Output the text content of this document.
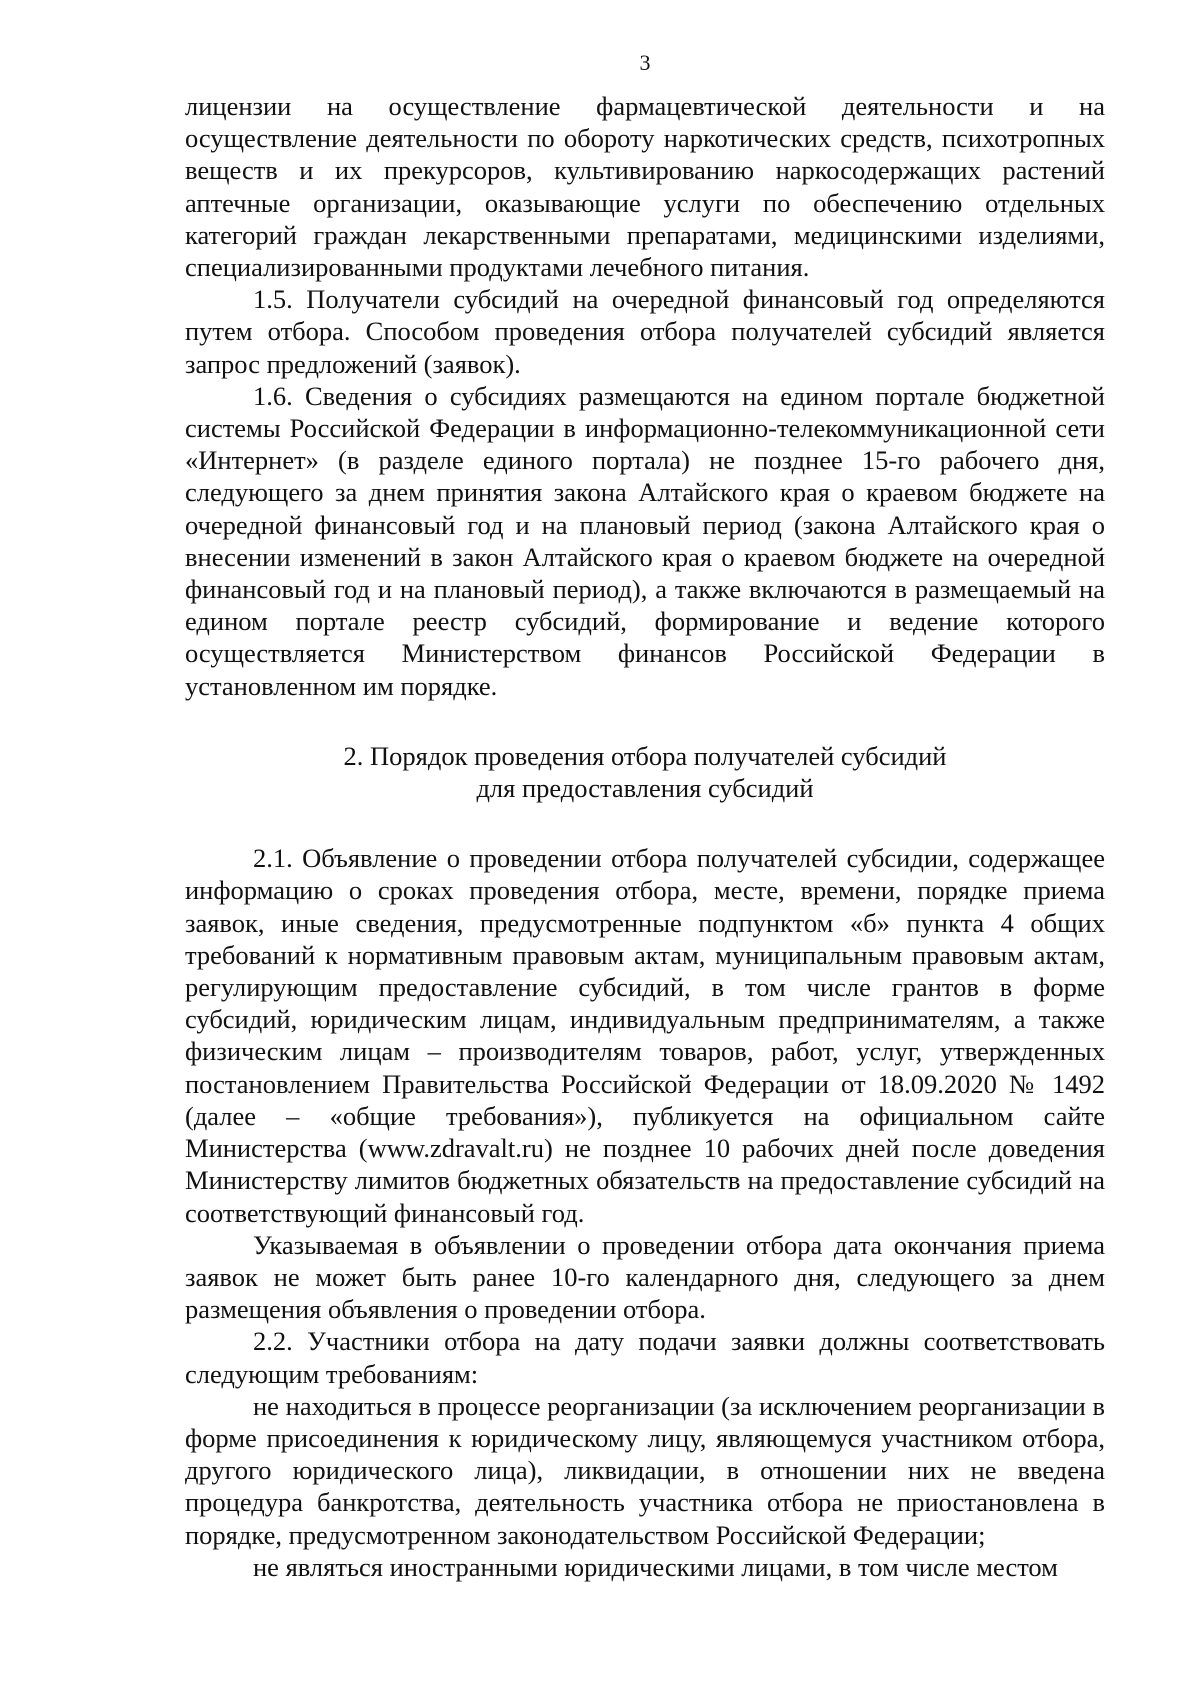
3

лицензии на осуществление фармацевтической деятельности и на осуществление деятельности по обороту наркотических средств, психотропных веществ и их прекурсоров, культивированию наркосодержащих растений аптечные организации, оказывающие услуги по обеспечению отдельных категорий граждан лекарственными препаратами, медицинскими изделиями, специализированными продуктами лечебного питания.

1.5. Получатели субсидий на очередной финансовый год определяются путем отбора. Способом проведения отбора получателей субсидий является запрос предложений (заявок).

1.6. Сведения о субсидиях размещаются на едином портале бюджетной системы Российской Федерации в информационно-телекоммуникационной сети «Интернет» (в разделе единого портала) не позднее 15-го рабочего дня, следующего за днем принятия закона Алтайского края о краевом бюджете на очередной финансовый год и на плановый период (закона Алтайского края о внесении изменений в закон Алтайского края о краевом бюджете на очередной финансовый год и на плановый период), а также включаются в размещаемый на едином портале реестр субсидий, формирование и ведение которого осуществляется Министерством финансов Российской Федерации в установленном им порядке.

2. Порядок проведения отбора получателей субсидий
для предоставления субсидий

2.1. Объявление о проведении отбора получателей субсидии, содержащее информацию о сроках проведения отбора, месте, времени, порядке приема заявок, иные сведения, предусмотренные подпунктом «б» пункта 4 общих требований к нормативным правовым актам, муниципальным правовым актам, регулирующим предоставление субсидий, в том числе грантов в форме субсидий, юридическим лицам, индивидуальным предпринимателям, а также физическим лицам – производителям товаров, работ, услуг, утвержденных постановлением Правительства Российской Федерации от 18.09.2020 № 1492 (далее – «общие требования»), публикуется на официальном сайте Министерства (www.zdravalt.ru) не позднее 10 рабочих дней после доведения Министерству лимитов бюджетных обязательств на предоставление субсидий на соответствующий финансовый год.

Указываемая в объявлении о проведении отбора дата окончания приема заявок не может быть ранее 10-го календарного дня, следующего за днем размещения объявления о проведении отбора.

2.2. Участники отбора на дату подачи заявки должны соответствовать следующим требованиям:

не находиться в процессе реорганизации (за исключением реорганизации в форме присоединения к юридическому лицу, являющемуся участником отбора, другого юридического лица), ликвидации, в отношении них не введена процедура банкротства, деятельность участника отбора не приостановлена в порядке, предусмотренном законодательством Российской Федерации;

не являться иностранными юридическими лицами, в том числе местом
